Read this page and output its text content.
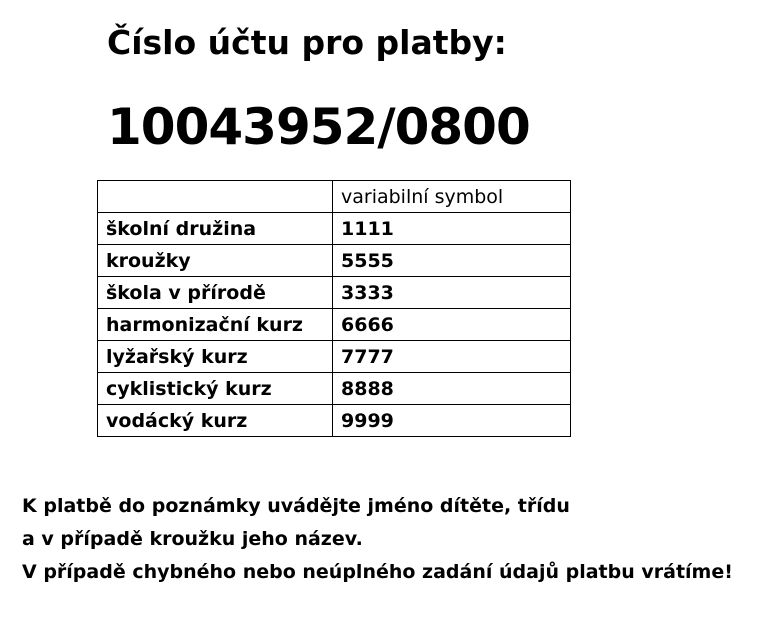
Číslo účtu pro platby:
10043952/0800
	variabilní symbol
školní družina	1111
kroužky	5555
škola v přírodě	3333
harmonizační kurz	6666
lyžařský kurz	7777
cyklistický kurz	8888
vodácký kurz	9999

K platbě do poznámky uvádějte jméno dítěte, třídu

a v případě kroužku jeho název.

V případě chybného nebo neúplného zadání údajů platbu vrátíme!
